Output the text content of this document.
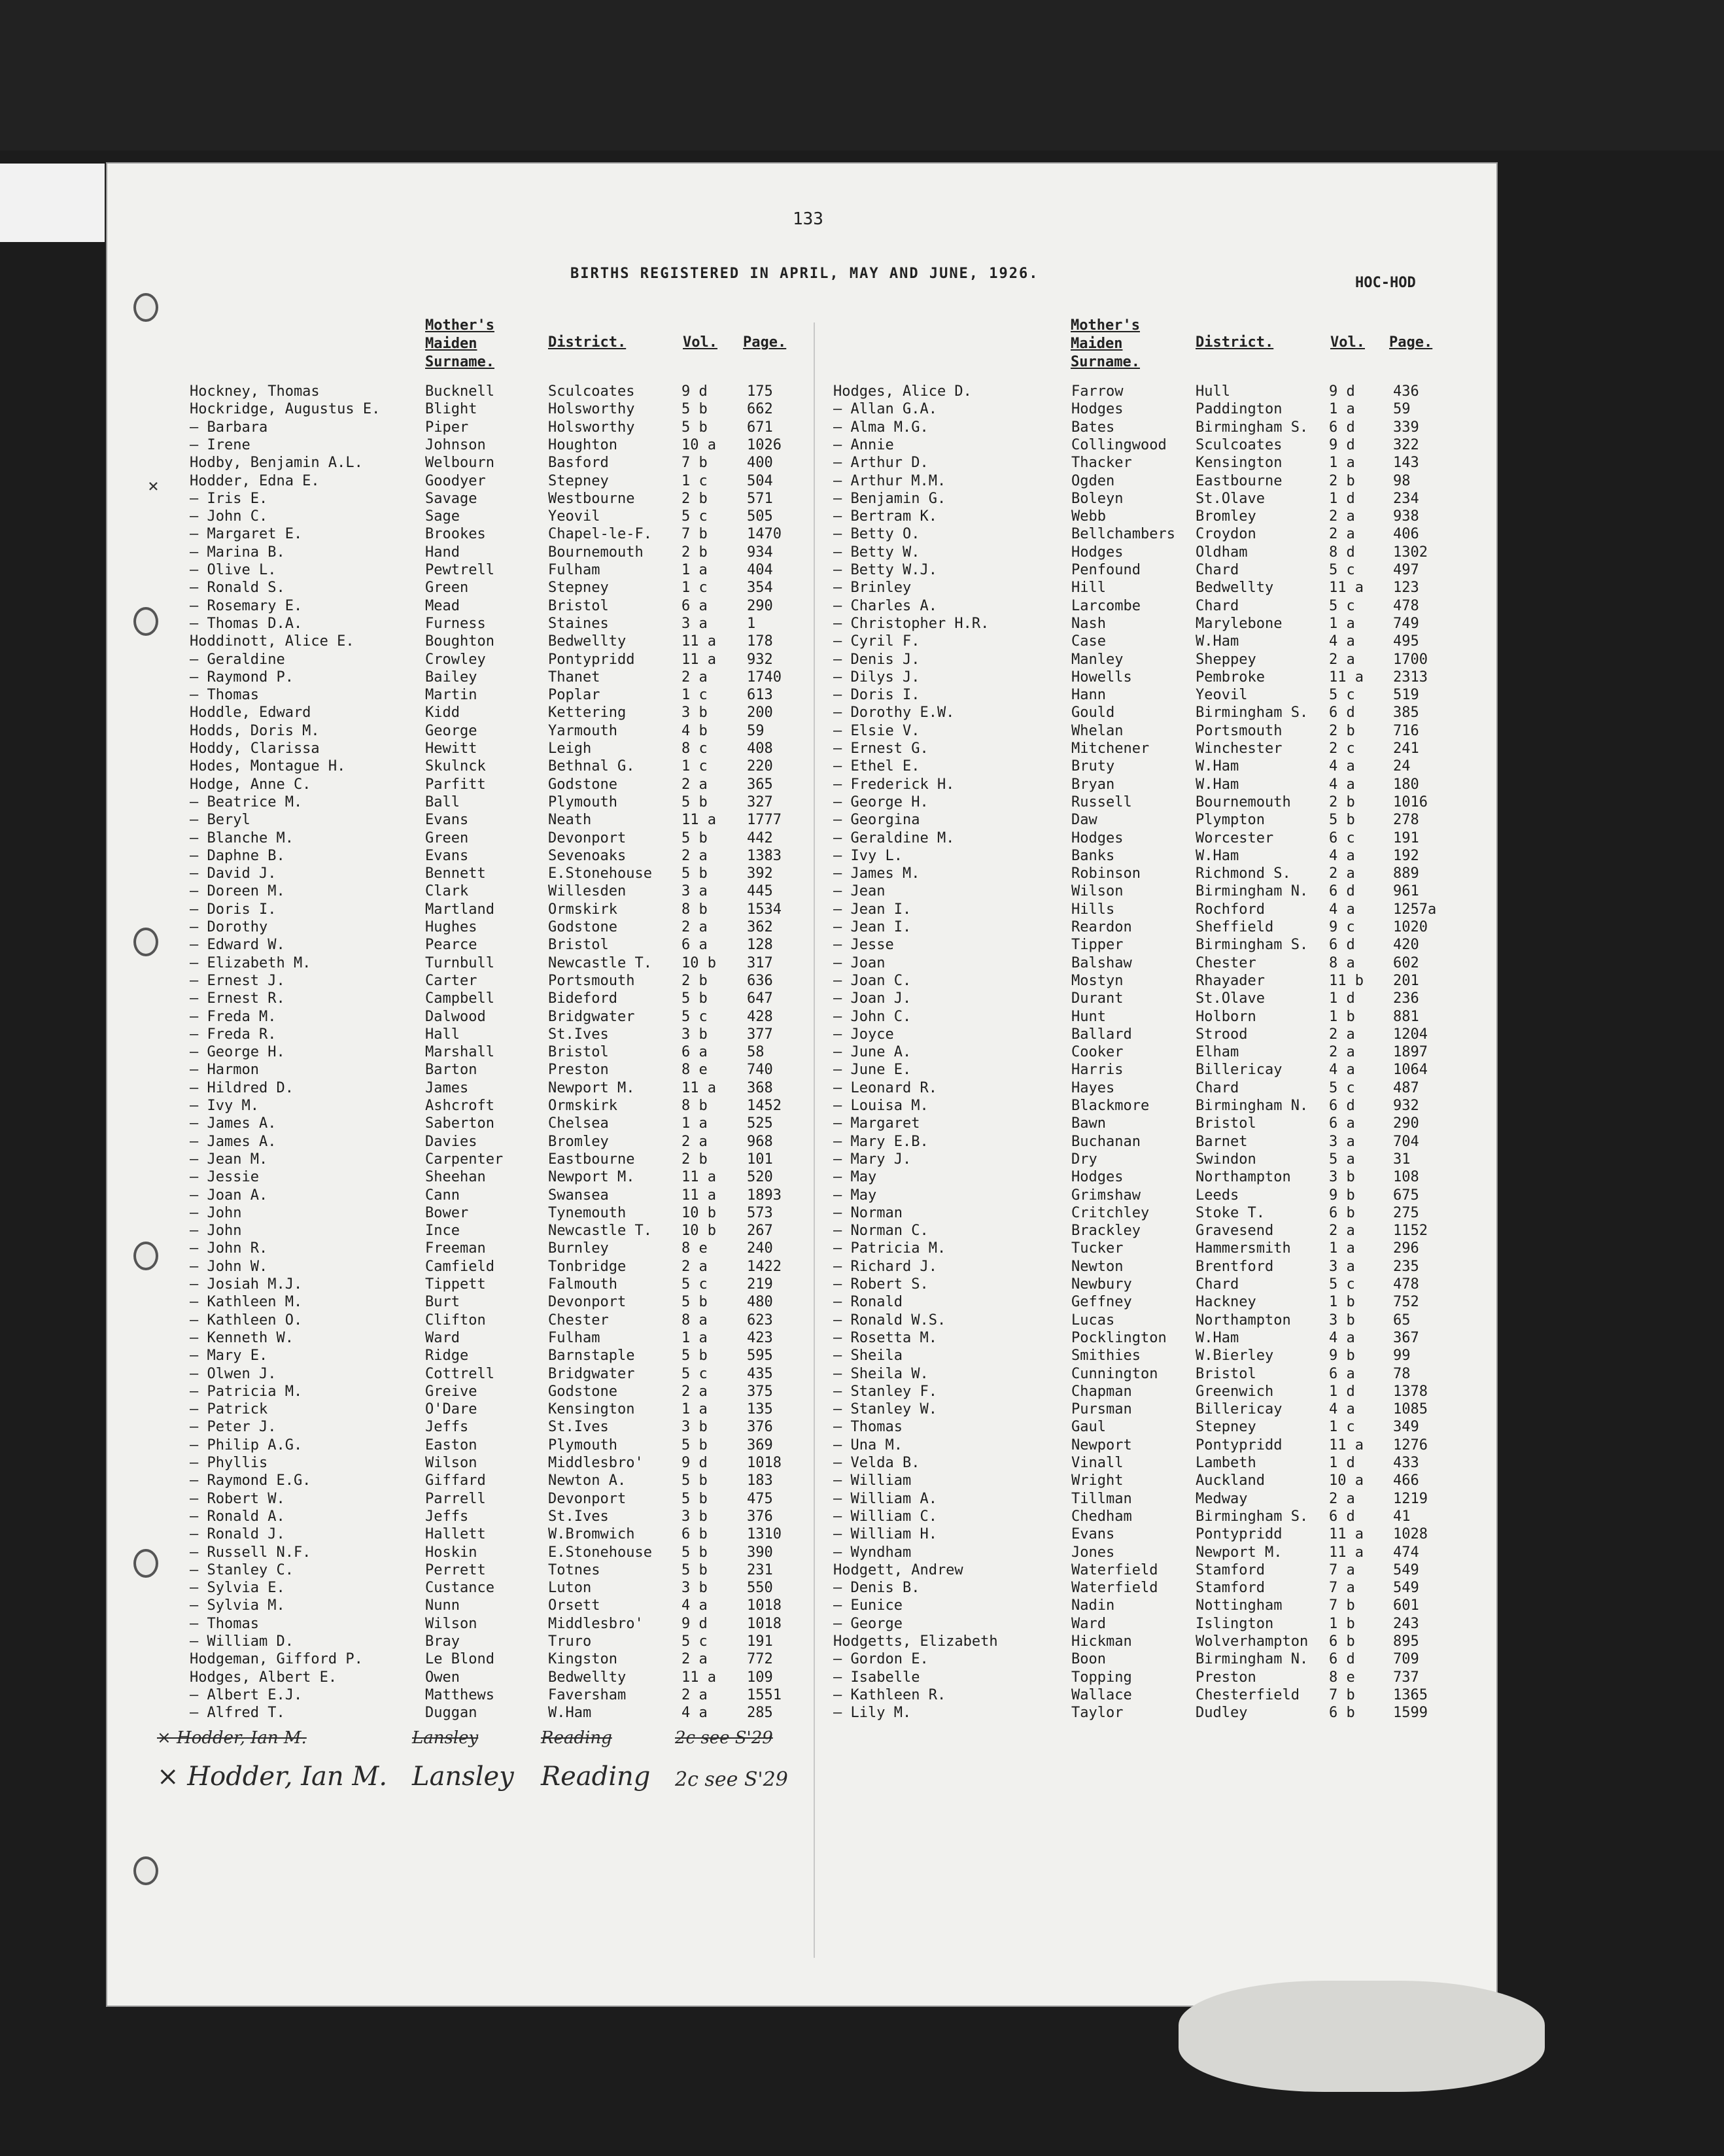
133
BIRTHS REGISTERED IN APRIL, MAY AND JUNE, 1926.
HOC-HOD
Mother's Maiden Surname.
District.	Vol. Page.
Mother's Maiden Surname.
District.	Vol. Page.
Hockney, Thomas	Bucknell	Sculcoates	9 d	175
Hockridge, Augustus E.	Blight	Holsworthy	5 b	662
— Barbara	Piper	Holsworthy	5 b	671
— Irene	Johnson	Houghton	10 a 1026
Hodby, Benjamin A.L.	Welbourn	Basford	7 b	400
Hodder, Edna E.	Goodyer	Stepney	1 c	504
— Iris E.	Savage	Westbourne	2 b	571
— John C.	Sage	Yeovil	5 c	505
— Margaret E.	Brookes	Chapel-le-F. 7 b	1470
— Marina B.	Hand	Bournemouth	2 b	934
— Olive L.	Pewtrell	Fulham	1 a	404
— Ronald S.	Green	Stepney	1 c	354
— Rosemary E.	Mead	Bristol	6 a	290
— Thomas D.A.	Furness	Staines	3 a	1
Hoddinott, Alice E.	Boughton	Bedwellty	11 a 178
— Geraldine	Crowley	Pontypridd	11 a 932
— Raymond P.	Bailey	Thanet	2 a	1740
— Thomas	Martin	Poplar	1 c	613
Hoddle, Edward	Kidd	Kettering	3 b	200
Hodds, Doris M.	George	Yarmouth	4 b	59
Hoddy, Clarissa	Hewitt	Leigh	8 c	408
Hodes, Montague H.	Skulnck	Bethnal G.	1 c	220
Hodge, Anne C.	Parfitt	Godstone	2 a	365
— Beatrice M.	Ball	Plymouth	5 b	327
— Beryl	Evans	Neath	11 a 1777
— Blanche M.	Green	Devonport	5 b	442
— Daphne B.	Evans	Sevenoaks	2 a	1383
— David J.	Bennett	E.Stonehouse 5 b	392
— Doreen M.	Clark	Willesden	3 a	445
— Doris I.	Martland	Ormskirk	8 b	1534
— Dorothy	Hughes	Godstone	2 a	362
— Edward W.	Pearce	Bristol	6 a	128
— Elizabeth M.	Turnbull	Newcastle T. 10 b 317
— Ernest J.	Carter	Portsmouth	2 b	636
— Ernest R.	Campbell	Bideford	5 b	647
— Freda M.	Dalwood	Bridgwater	5 c	428
— Freda R.	Hall	St.Ives	3 b	377
— George H.	Marshall	Bristol	6 a	58
— Harmon	Barton	Preston	8 e	740
— Hildred D.	James	Newport M.	11 a 368
— Ivy M.	Ashcroft	Ormskirk	8 b	1452
— James A.	Saberton	Chelsea	1 a	525
— James A.	Davies	Bromley	2 a	968
— Jean M.	Carpenter	Eastbourne	2 b	101
— Jessie	Sheehan	Newport M.	11 a 520
— Joan A.	Cann	Swansea	11 a 1893
— John	Bower	Tynemouth	10 b 573
— John	Ince	Newcastle T. 10 b 267
— John R.	Freeman	Burnley	8 e	240
— John W.	Camfield	Tonbridge	2 a	1422
— Josiah M.J.	Tippett	Falmouth	5 c	219
— Kathleen M.	Burt	Devonport	5 b	480
— Kathleen O.	Clifton	Chester	8 a	623
— Kenneth W.	Ward	Fulham	1 a	423
— Mary E.	Ridge	Barnstaple	5 b	595
— Olwen J.	Cottrell	Bridgwater	5 c	435
— Patricia M.	Greive	Godstone	2 a	375
— Patrick	O'Dare	Kensington	1 a	135
— Peter J.	Jeffs	St.Ives	3 b	376
— Philip A.G.	Easton	Plymouth	5 b	369
— Phyllis	Wilson	Middlesbro'	9 d	1018
— Raymond E.G.	Giffard	Newton A.	5 b	183
— Robert W.	Parrell	Devonport	5 b	475
— Ronald A.	Jeffs	St.Ives	3 b	376
— Ronald J.	Hallett	W.Bromwich	6 b	1310
— Russell N.F.	Hoskin	E.Stonehouse 5 b	390
— Stanley C.	Perrett	Totnes	5 b	231
— Sylvia E.	Custance	Luton	3 b	550
— Sylvia M.	Nunn	Orsett	4 a	1018
— Thomas	Wilson	Middlesbro'	9 d	1018
— William D.	Bray	Truro	5 c	191
Hodgeman, Gifford P.	Le Blond	Kingston	2 a	772
Hodges, Albert E.	Owen	Bedwellty	11 a 109
— Albert E.J.	Matthews	Faversham	2 a	1551
— Alfred T.	Duggan	W.Ham	4 a	285
Hodges, Alice D.	Farrow	Hull	9 d	436
— Allan G.A.	Hodges	Paddington	1 a	59
— Alma M.G.	Bates	Birmingham S. 6 d	339
— Annie	Collingwood Sculcoates	9 d	322
— Arthur D.	Thacker	Kensington	1 a	143
— Arthur M.M.	Ogden	Eastbourne	2 b	98
— Benjamin G.	Boleyn	St.Olave	1 d	234
— Bertram K.	Webb	Bromley	2 a	938
— Betty O.	Bellchambers Croydon	2 a	406
— Betty W.	Hodges	Oldham	8 d	1302
— Betty W.J.	Penfound	Chard	5 c	497
— Brinley	Hill	Bedwellty	11 a 123
— Charles A.	Larcombe	Chard	5 c	478
— Christopher H.R.	Nash	Marylebone	1 a	749
— Cyril F.	Case	W.Ham	4 a	495
— Denis J.	Manley	Sheppey	2 a	1700
— Dilys J.	Howells	Pembroke	11 a 2313
— Doris I.	Hann	Yeovil	5 c	519
— Dorothy E.W.	Gould	Birmingham S. 6 d	385
— Elsie V.	Whelan	Portsmouth	2 b	716
— Ernest G.	Mitchener	Winchester	2 c	241
— Ethel E.	Bruty	W.Ham	4 a	24
— Frederick H.	Bryan	W.Ham	4 a	180
— George H.	Russell	Bournemouth	2 b	1016
— Georgina	Daw	Plympton	5 b	278
— Geraldine M.	Hodges	Worcester	6 c	191
— Ivy L.	Banks	W.Ham	4 a	192
— James M.	Robinson	Richmond S.	2 a	889
— Jean	Wilson	Birmingham N. 6 d	961
— Jean I.	Hills	Rochford	4 a	1257a
— Jean I.	Reardon	Sheffield	9 c	1020
— Jesse	Tipper	Birmingham S. 6 d	420
— Joan	Balshaw	Chester	8 a	602
— Joan C.	Mostyn	Rhayader	11 b 201
— Joan J.	Durant	St.Olave	1 d	236
— John C.	Hunt	Holborn	1 b	881
— Joyce	Ballard	Strood	2 a	1204
— June A.	Cooker	Elham	2 a	1897
— June E.	Harris	Billericay	4 a	1064
— Leonard R.	Hayes	Chard	5 c	487
— Louisa M.	Blackmore	Birmingham N. 6 d	932
— Margaret	Bawn	Bristol	6 a	290
— Mary E.B.	Buchanan	Barnet	3 a	704
— Mary J.	Dry	Swindon	5 a	31
— May	Hodges	Northampton	3 b	108
— May	Grimshaw	Leeds	9 b	675
— Norman	Critchley	Stoke T.	6 b	275
— Norman C.	Brackley	Gravesend	2 a	1152
— Patricia M.	Tucker	Hammersmith	1 a	296
— Richard J.	Newton	Brentford	3 a	235
— Robert S.	Newbury	Chard	5 c	478
— Ronald	Geffney	Hackney	1 b	752
— Ronald W.S.	Lucas	Northampton	3 b	65
— Rosetta M.	Pocklington W.Ham	4 a	367
— Sheila	Smithies	W.Bierley	9 b	99
— Sheila W.	Cunnington	Bristol	6 a	78
— Stanley F.	Chapman	Greenwich	1 d	1378
— Stanley W.	Pursman	Billericay	4 a	1085
— Thomas	Gaul	Stepney	1 c	349
— Una M.	Newport	Pontypridd	11 a 1276
— Velda B.	Vinall	Lambeth	1 d	433
— William	Wright	Auckland	10 a 466
— William A.	Tillman	Medway	2 a	1219
— William C.	Chedham	Birmingham S. 6 d	41
— William H.	Evans	Pontypridd	11 a 1028
— Wyndham	Jones	Newport M.	11 a 474
Hodgett, Andrew	Waterfield	Stamford	7 a	549
— Denis B.	Waterfield	Stamford	7 a	549
— Eunice	Nadin	Nottingham	7 b	601
— George	Ward	Islington	1 b	243
Hodgetts, Elizabeth	Hickman	Wolverhampton 6 b	895
— Gordon E.	Boon	Birmingham N. 6 d	709
— Isabelle	Topping	Preston	8 e	737
— Kathleen R.	Wallace	Chesterfield 7 b	1365
— Lily M.	Taylor	Dudley	6 b	1599
×
× Hodder, Ian M.	Lansley	Reading	2c see S'29
× Hodder, Ian M. Lansley Reading 2c see S'29
